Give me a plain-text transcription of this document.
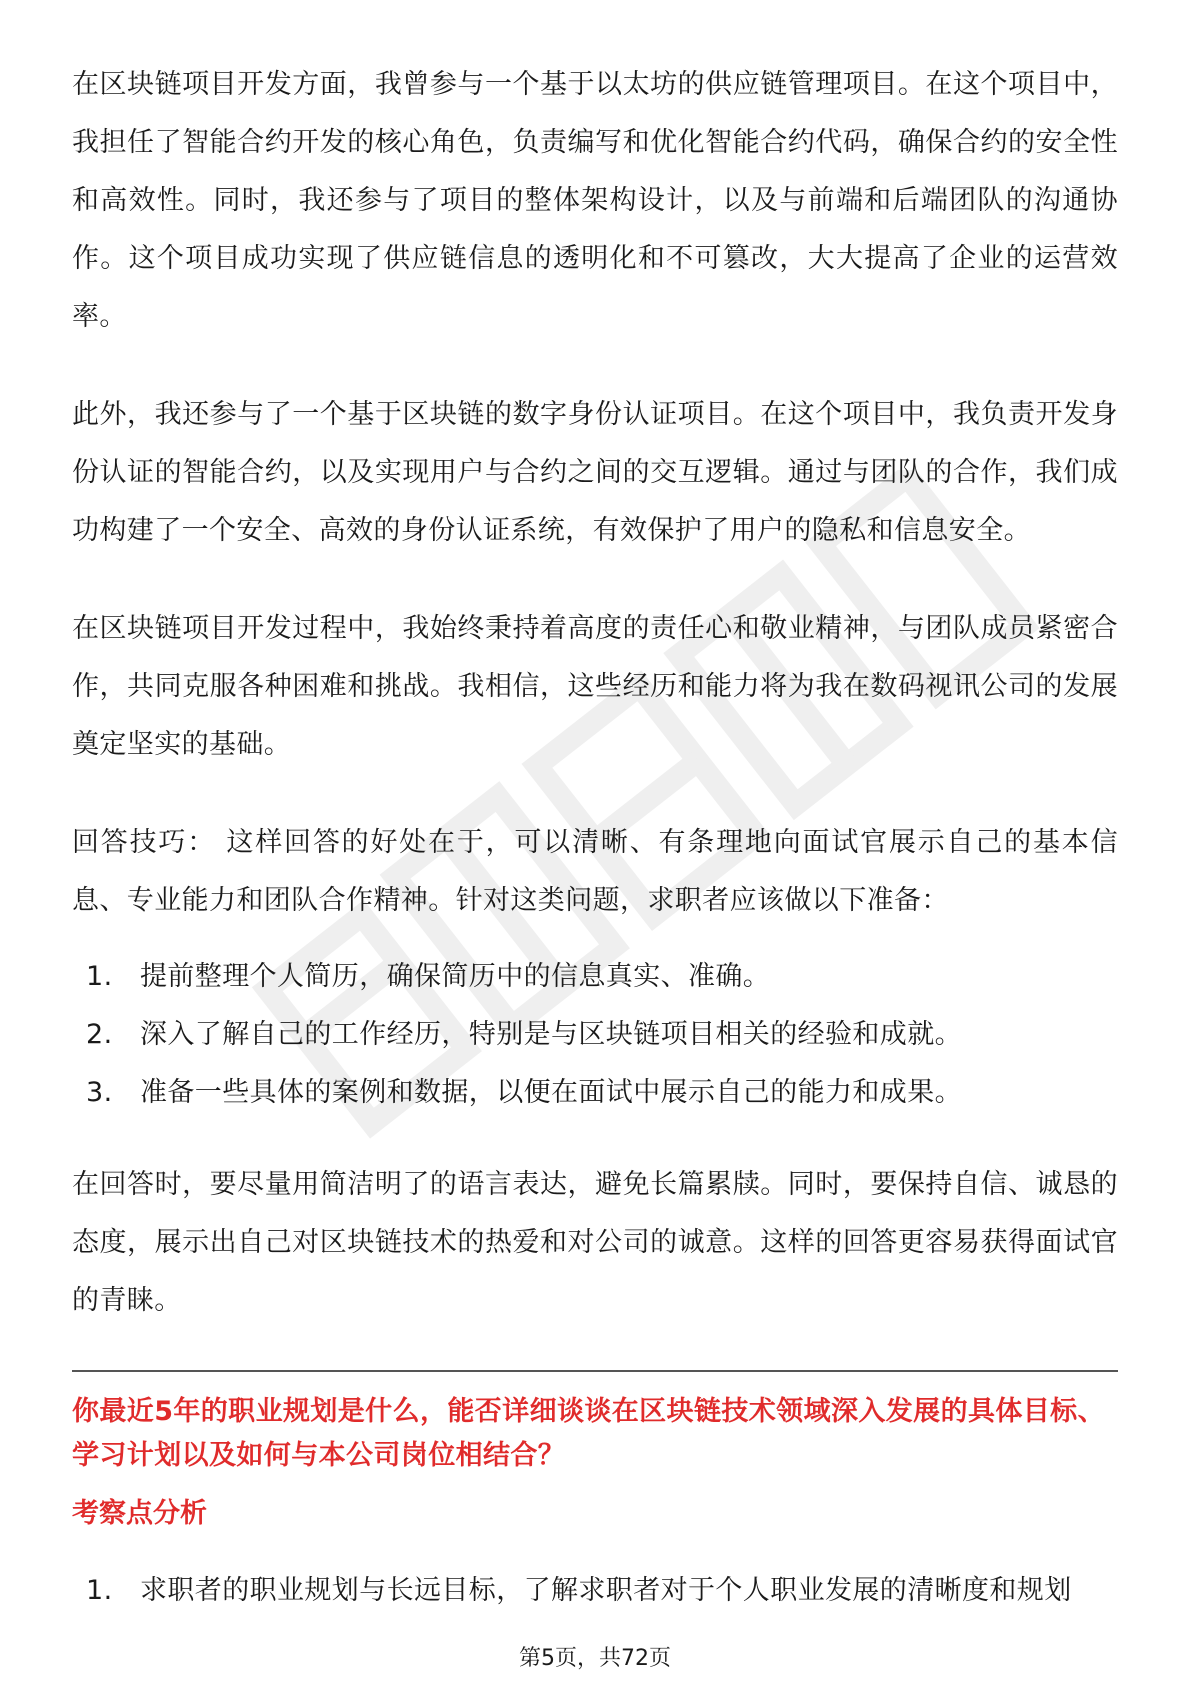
在区块链项目开发方面，我曾参与一个基于以太坊的供应链管理项目。在这个项目中，我担任了智能合约开发的核心角色，负责编写和优化智能合约代码，确保合约的安全性和高效性。同时，我还参与了项目的整体架构设计，以及与前端和后端团队的沟通协作。这个项目成功实现了供应链信息的透明化和不可篡改，大大提高了企业的运营效率。

此外，我还参与了一个基于区块链的数字身份认证项目。在这个项目中，我负责开发身份认证的智能合约，以及实现用户与合约之间的交互逻辑。通过与团队的合作，我们成功构建了一个安全、高效的身份认证系统，有效保护了用户的隐私和信息安全。

在区块链项目开发过程中，我始终秉持着高度的责任心和敬业精神，与团队成员紧密合作，共同克服各种困难和挑战。我相信，这些经历和能力将为我在数码视讯公司的发展奠定坚实的基础。

回答技巧： 这样回答的好处在于，可以清晰、有条理地向面试官展示自己的基本信息、专业能力和团队合作精神。针对这类问题，求职者应该做以下准备：

1.	提前整理个人简历，确保简历中的信息真实、准确。
2.	深入了解自己的工作经历，特别是与区块链项目相关的经验和成就。
3.	准备一些具体的案例和数据，以便在面试中展示自己的能力和成果。

在回答时，要尽量用简洁明了的语言表达，避免长篇累牍。同时，要保持自信、诚恳的态度，展示出自己对区块链技术的热爱和对公司的诚意。这样的回答更容易获得面试官的青睐。

你最近5年的职业规划是什么，能否详细谈谈在区块链技术领域深入发展的具体目标、学习计划以及如何与本公司岗位相结合？

考察点分析

1.	求职者的职业规划与长远目标，了解求职者对于个人职业发展的清晰度和规划
第5页，共72页
